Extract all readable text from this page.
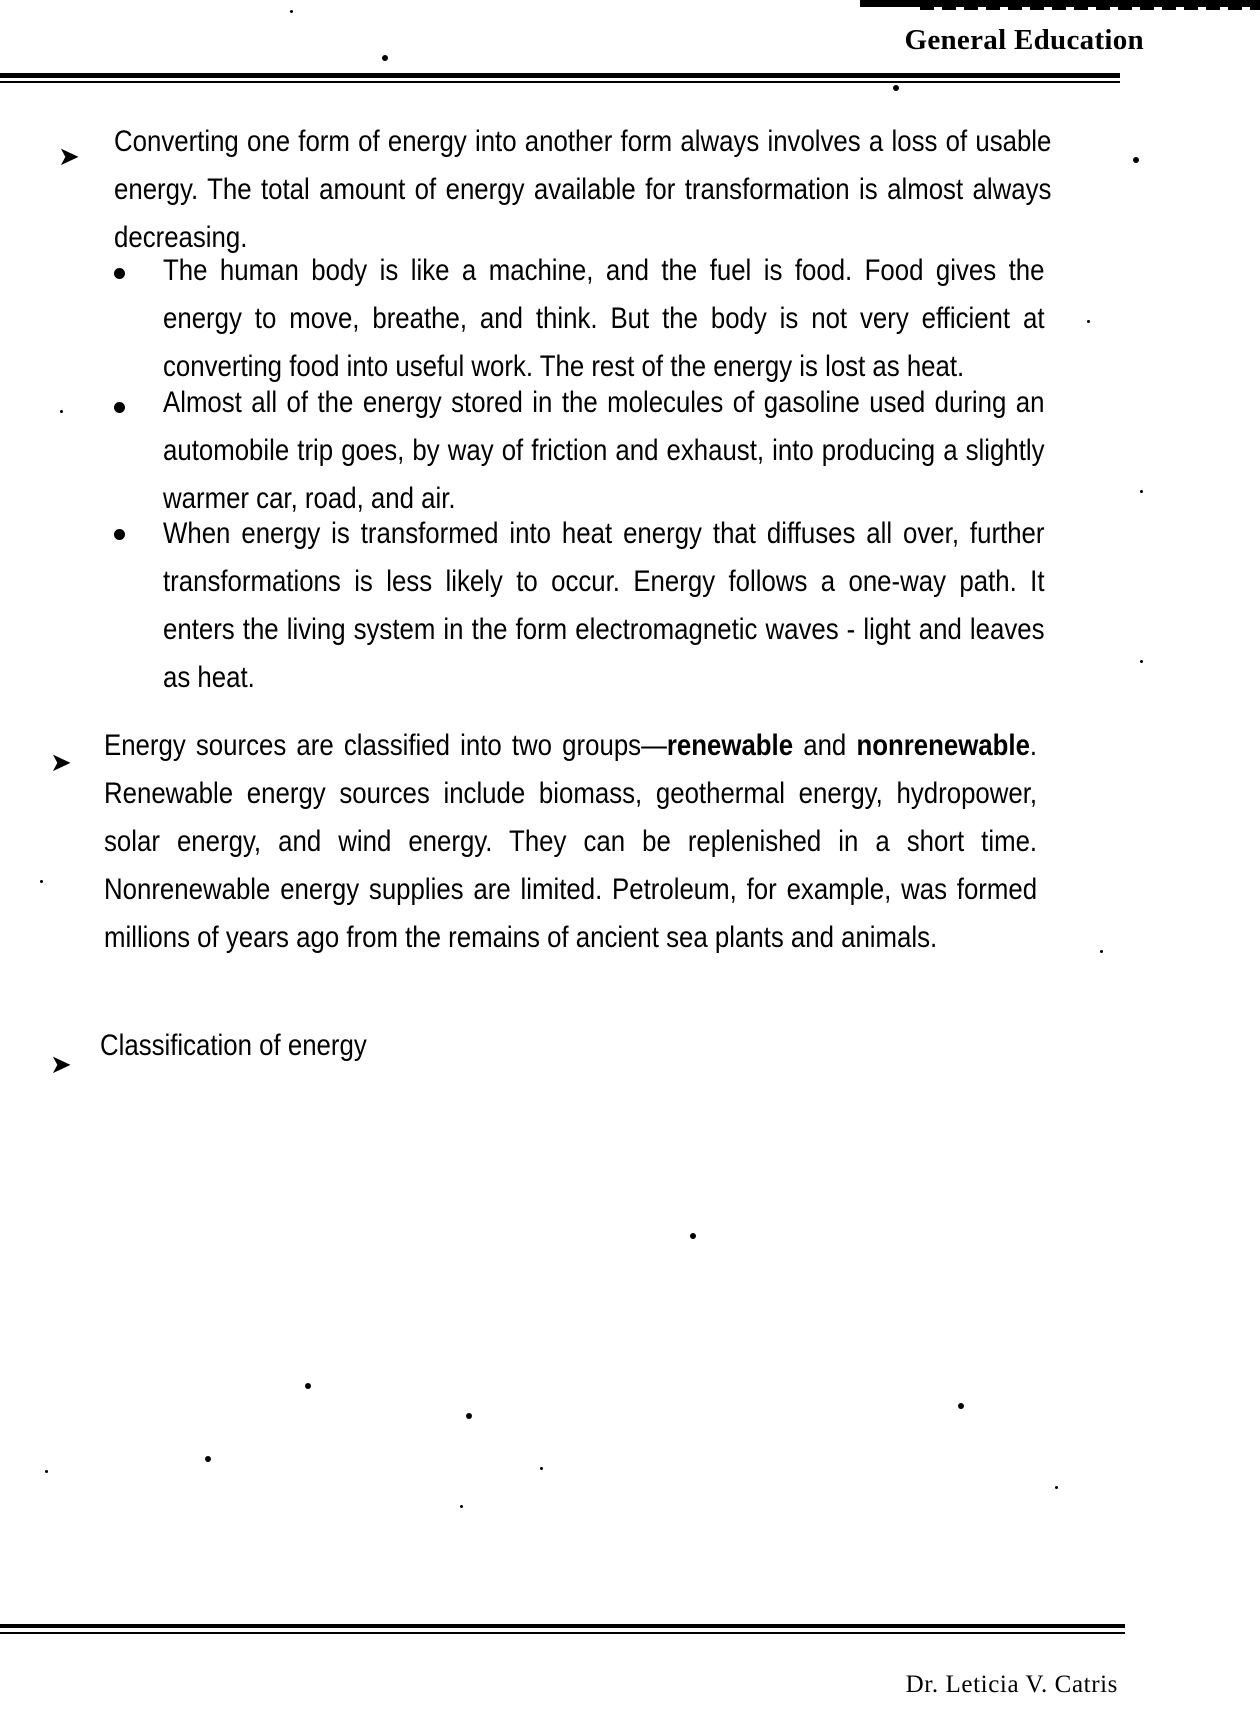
General Education
➤ Converting one form of energy into another form always involves a loss of usable energy. The total amount of energy available for transformation is almost always decreasing.
The human body is like a machine, and the fuel is food. Food gives the energy to move, breathe, and think. But the body is not very efficient at converting food into useful work. The rest of the energy is lost as heat.
Almost all of the energy stored in the molecules of gasoline used during an automobile trip goes, by way of friction and exhaust, into producing a slightly warmer car, road, and air.
When energy is transformed into heat energy that diffuses all over, further transformations is less likely to occur. Energy follows a one-way path. It enters the living system in the form electromagnetic waves - light and leaves as heat.
➤ Energy sources are classified into two groups—renewable and nonrenewable. Renewable energy sources include biomass, geothermal energy, hydropower, solar energy, and wind energy. They can be replenished in a short time. Nonrenewable energy supplies are limited. Petroleum, for example, was formed millions of years ago from the remains of ancient sea plants and animals.
➤
Classification of energy
Dr. Leticia V. Catris
